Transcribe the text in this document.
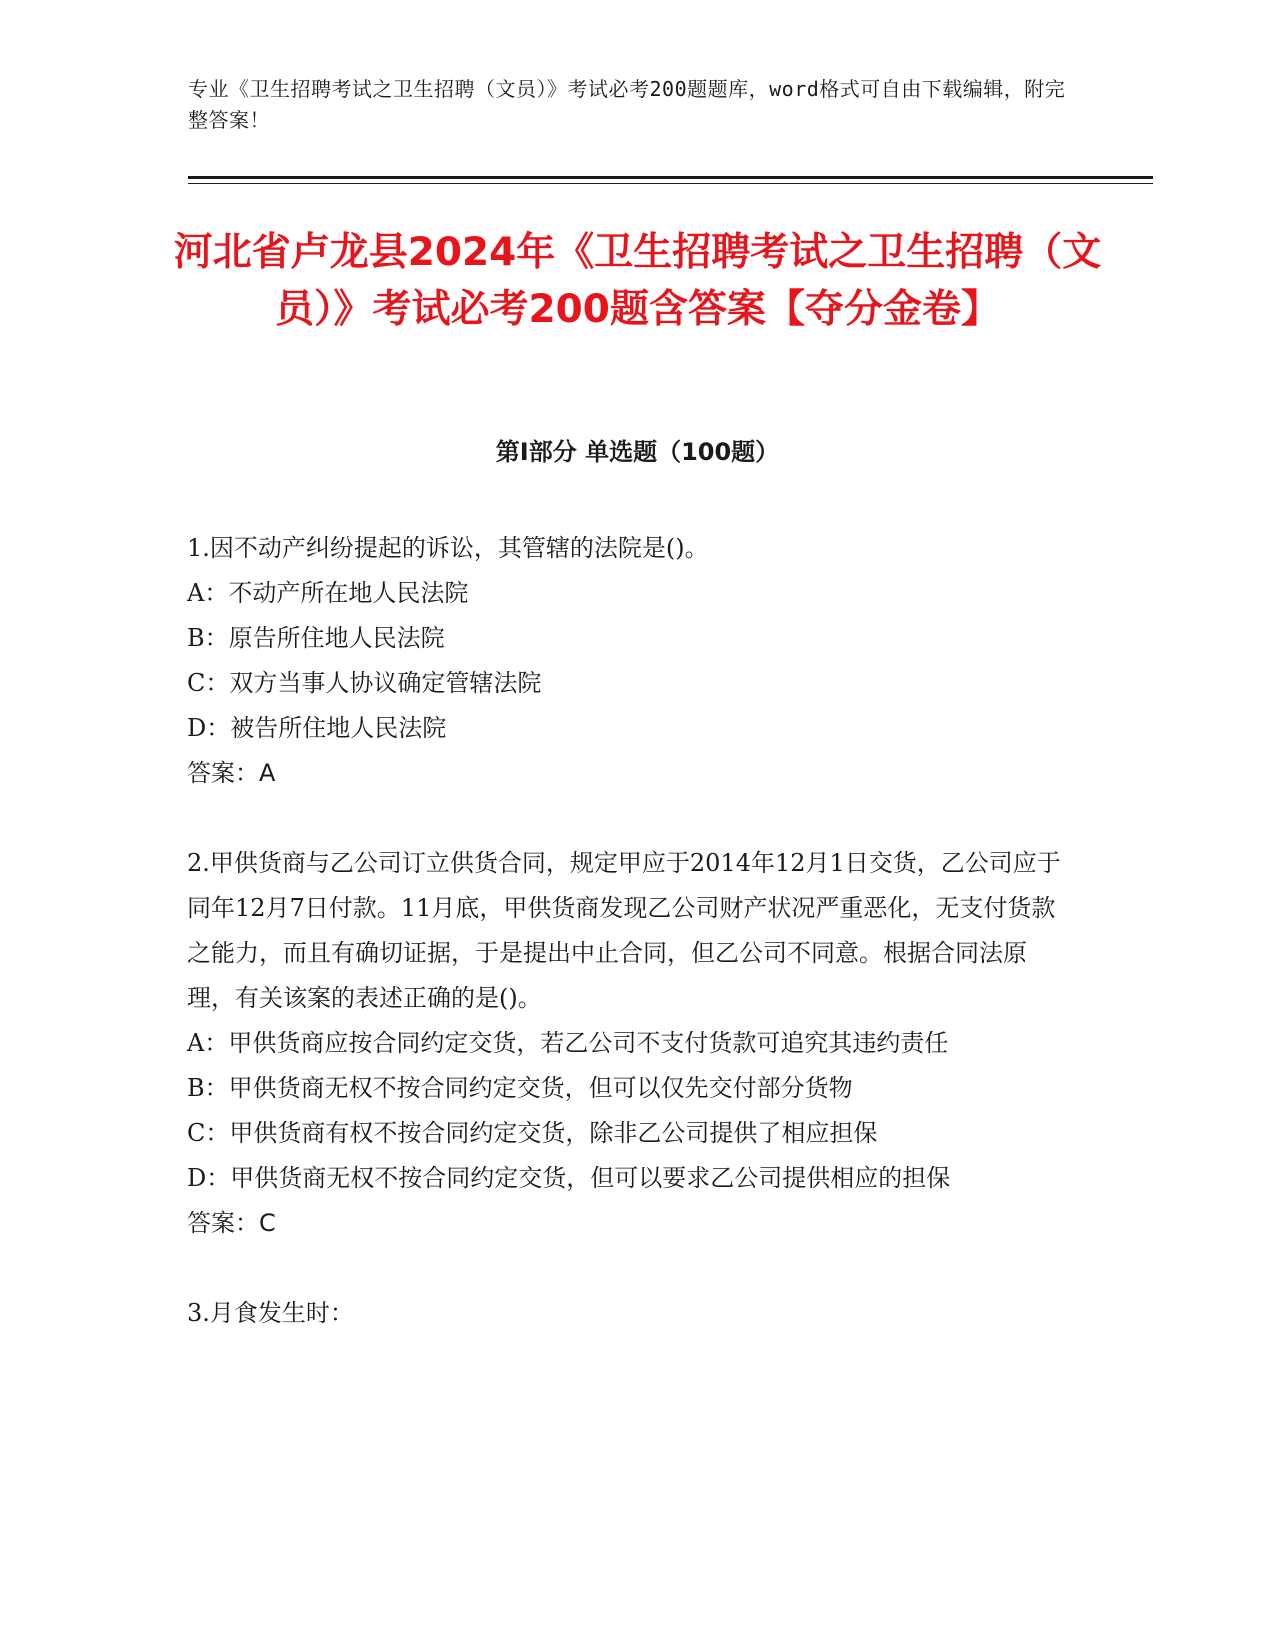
专业《卫生招聘考试之卫生招聘（文员）》考试必考200题题库，word格式可自由下载编辑，附完整答案！
河北省卢龙县2024年《卫生招聘考试之卫生招聘（文员）》考试必考200题含答案【夺分金卷】
第Ⅰ部分 单选题（100题）

1.因不动产纠纷提起的诉讼，其管辖的法院是()。

A：不动产所在地人民法院

B：原告所住地人民法院

C：双方当事人协议确定管辖法院

D：被告所住地人民法院

答案：A

2.甲供货商与乙公司订立供货合同，规定甲应于2014年12月1日交货，乙公司应于同年12月7日付款。11月底，甲供货商发现乙公司财产状况严重恶化，无支付货款之能力，而且有确切证据，于是提出中止合同，但乙公司不同意。根据合同法原理，有关该案的表述正确的是()。

A：甲供货商应按合同约定交货，若乙公司不支付货款可追究其违约责任

B：甲供货商无权不按合同约定交货，但可以仅先交付部分货物

C：甲供货商有权不按合同约定交货，除非乙公司提供了相应担保

D：甲供货商无权不按合同约定交货，但可以要求乙公司提供相应的担保

答案：C

3.月食发生时：
